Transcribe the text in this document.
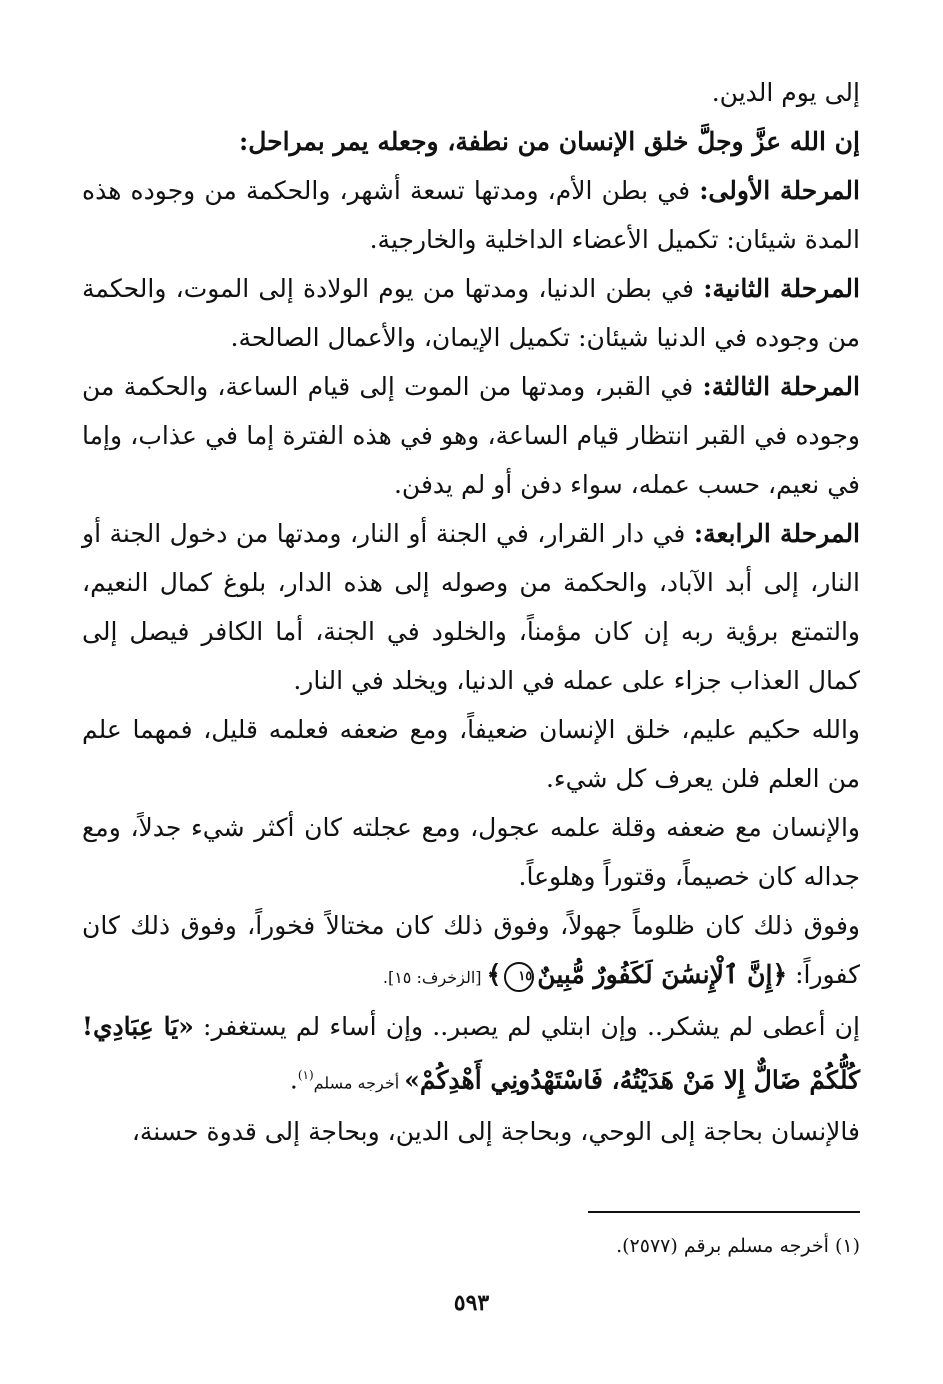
إلى يوم الدين.

إن الله عزَّ وجلَّ خلق الإنسان من نطفة، وجعله يمر بمراحل:

المرحلة الأولى: في بطن الأم، ومدتها تسعة أشهر، والحكمة من وجوده هذه المدة شيئان: تكميل الأعضاء الداخلية والخارجية.

المرحلة الثانية: في بطن الدنيا، ومدتها من يوم الولادة إلى الموت، والحكمة من وجوده في الدنيا شيئان: تكميل الإيمان، والأعمال الصالحة.

المرحلة الثالثة: في القبر، ومدتها من الموت إلى قيام الساعة، والحكمة من وجوده في القبر انتظار قيام الساعة، وهو في هذه الفترة إما في عذاب، وإما في نعيم، حسب عمله، سواء دفن أو لم يدفن.

المرحلة الرابعة: في دار القرار، في الجنة أو النار، ومدتها من دخول الجنة أو النار، إلى أبد الآباد، والحكمة من وصوله إلى هذه الدار، بلوغ كمال النعيم، والتمتع برؤية ربه إن كان مؤمناً، والخلود في الجنة، أما الكافر فيصل إلى كمال العذاب جزاء على عمله في الدنيا، ويخلد في النار.

والله حكيم عليم، خلق الإنسان ضعيفاً، ومع ضعفه فعلمه قليل، فمهما علم من العلم فلن يعرف كل شيء.

والإنسان مع ضعفه وقلة علمه عجول، ومع عجلته كان أكثر شيء جدلاً، ومع جداله كان خصيماً، وقتوراً وهلوعاً.

وفوق ذلك كان ظلوماً جهولاً، وفوق ذلك كان مختالاً فخوراً، وفوق ذلك كان كفوراً: ﴿إِنَّ ٱلْإِنسَٰنَ لَكَفُورٌ مُّبِينٌ١٥﴾ [الزخرف: ١٥].

إن أعطى لم يشكر.. وإن ابتلي لم يصبر.. وإن أساء لم يستغفر: «يَا عِبَادِي! كُلُّكُمْ ضَالٌّ إِلا مَنْ هَدَيْتُهُ، فَاسْتَهْدُونِي أَهْدِكُمْ» أخرجه مسلم$^{(١)}$.

فالإنسان بحاجة إلى الوحي، وبحاجة إلى الدين، وبحاجة إلى قدوة حسنة،

(١) أخرجه مسلم برقم (٢٥٧٧).
٥٩٣
